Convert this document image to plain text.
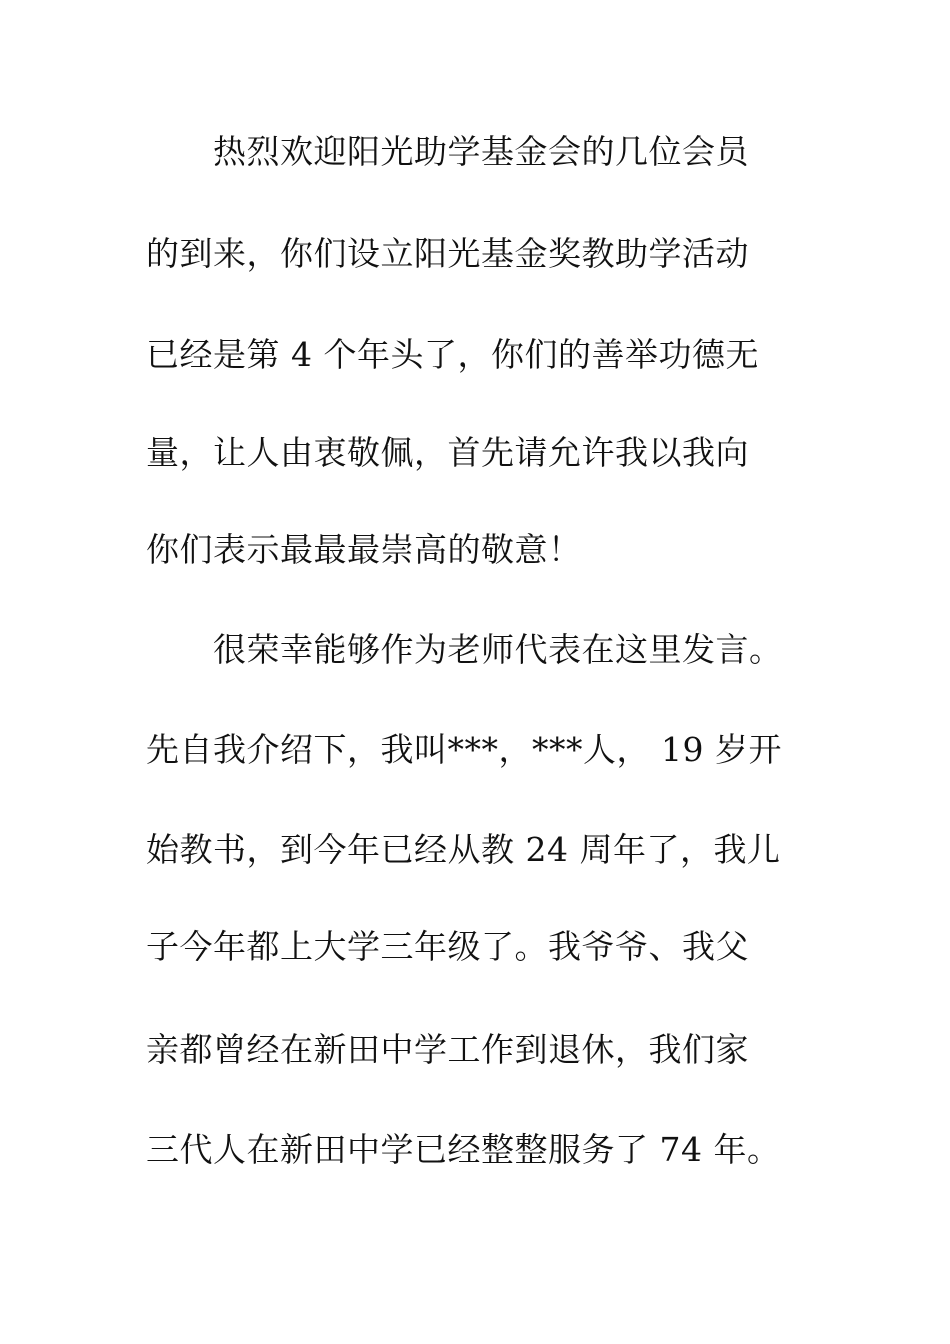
热烈欢迎阳光助学基金会的几位会员
的到来，你们设立阳光基金奖教助学活动
已经是第 4 个年头了，你们的善举功德无
量，让人由衷敬佩，首先请允许我以我向
你们表示最最最崇高的敬意！
很荣幸能够作为老师代表在这里发言。
先自我介绍下，我叫***，***人， 19 岁开
始教书，到今年已经从教 24 周年了，我儿
子今年都上大学三年级了。我爷爷、我父
亲都曾经在新田中学工作到退休，我们家
三代人在新田中学已经整整服务了 74 年。
